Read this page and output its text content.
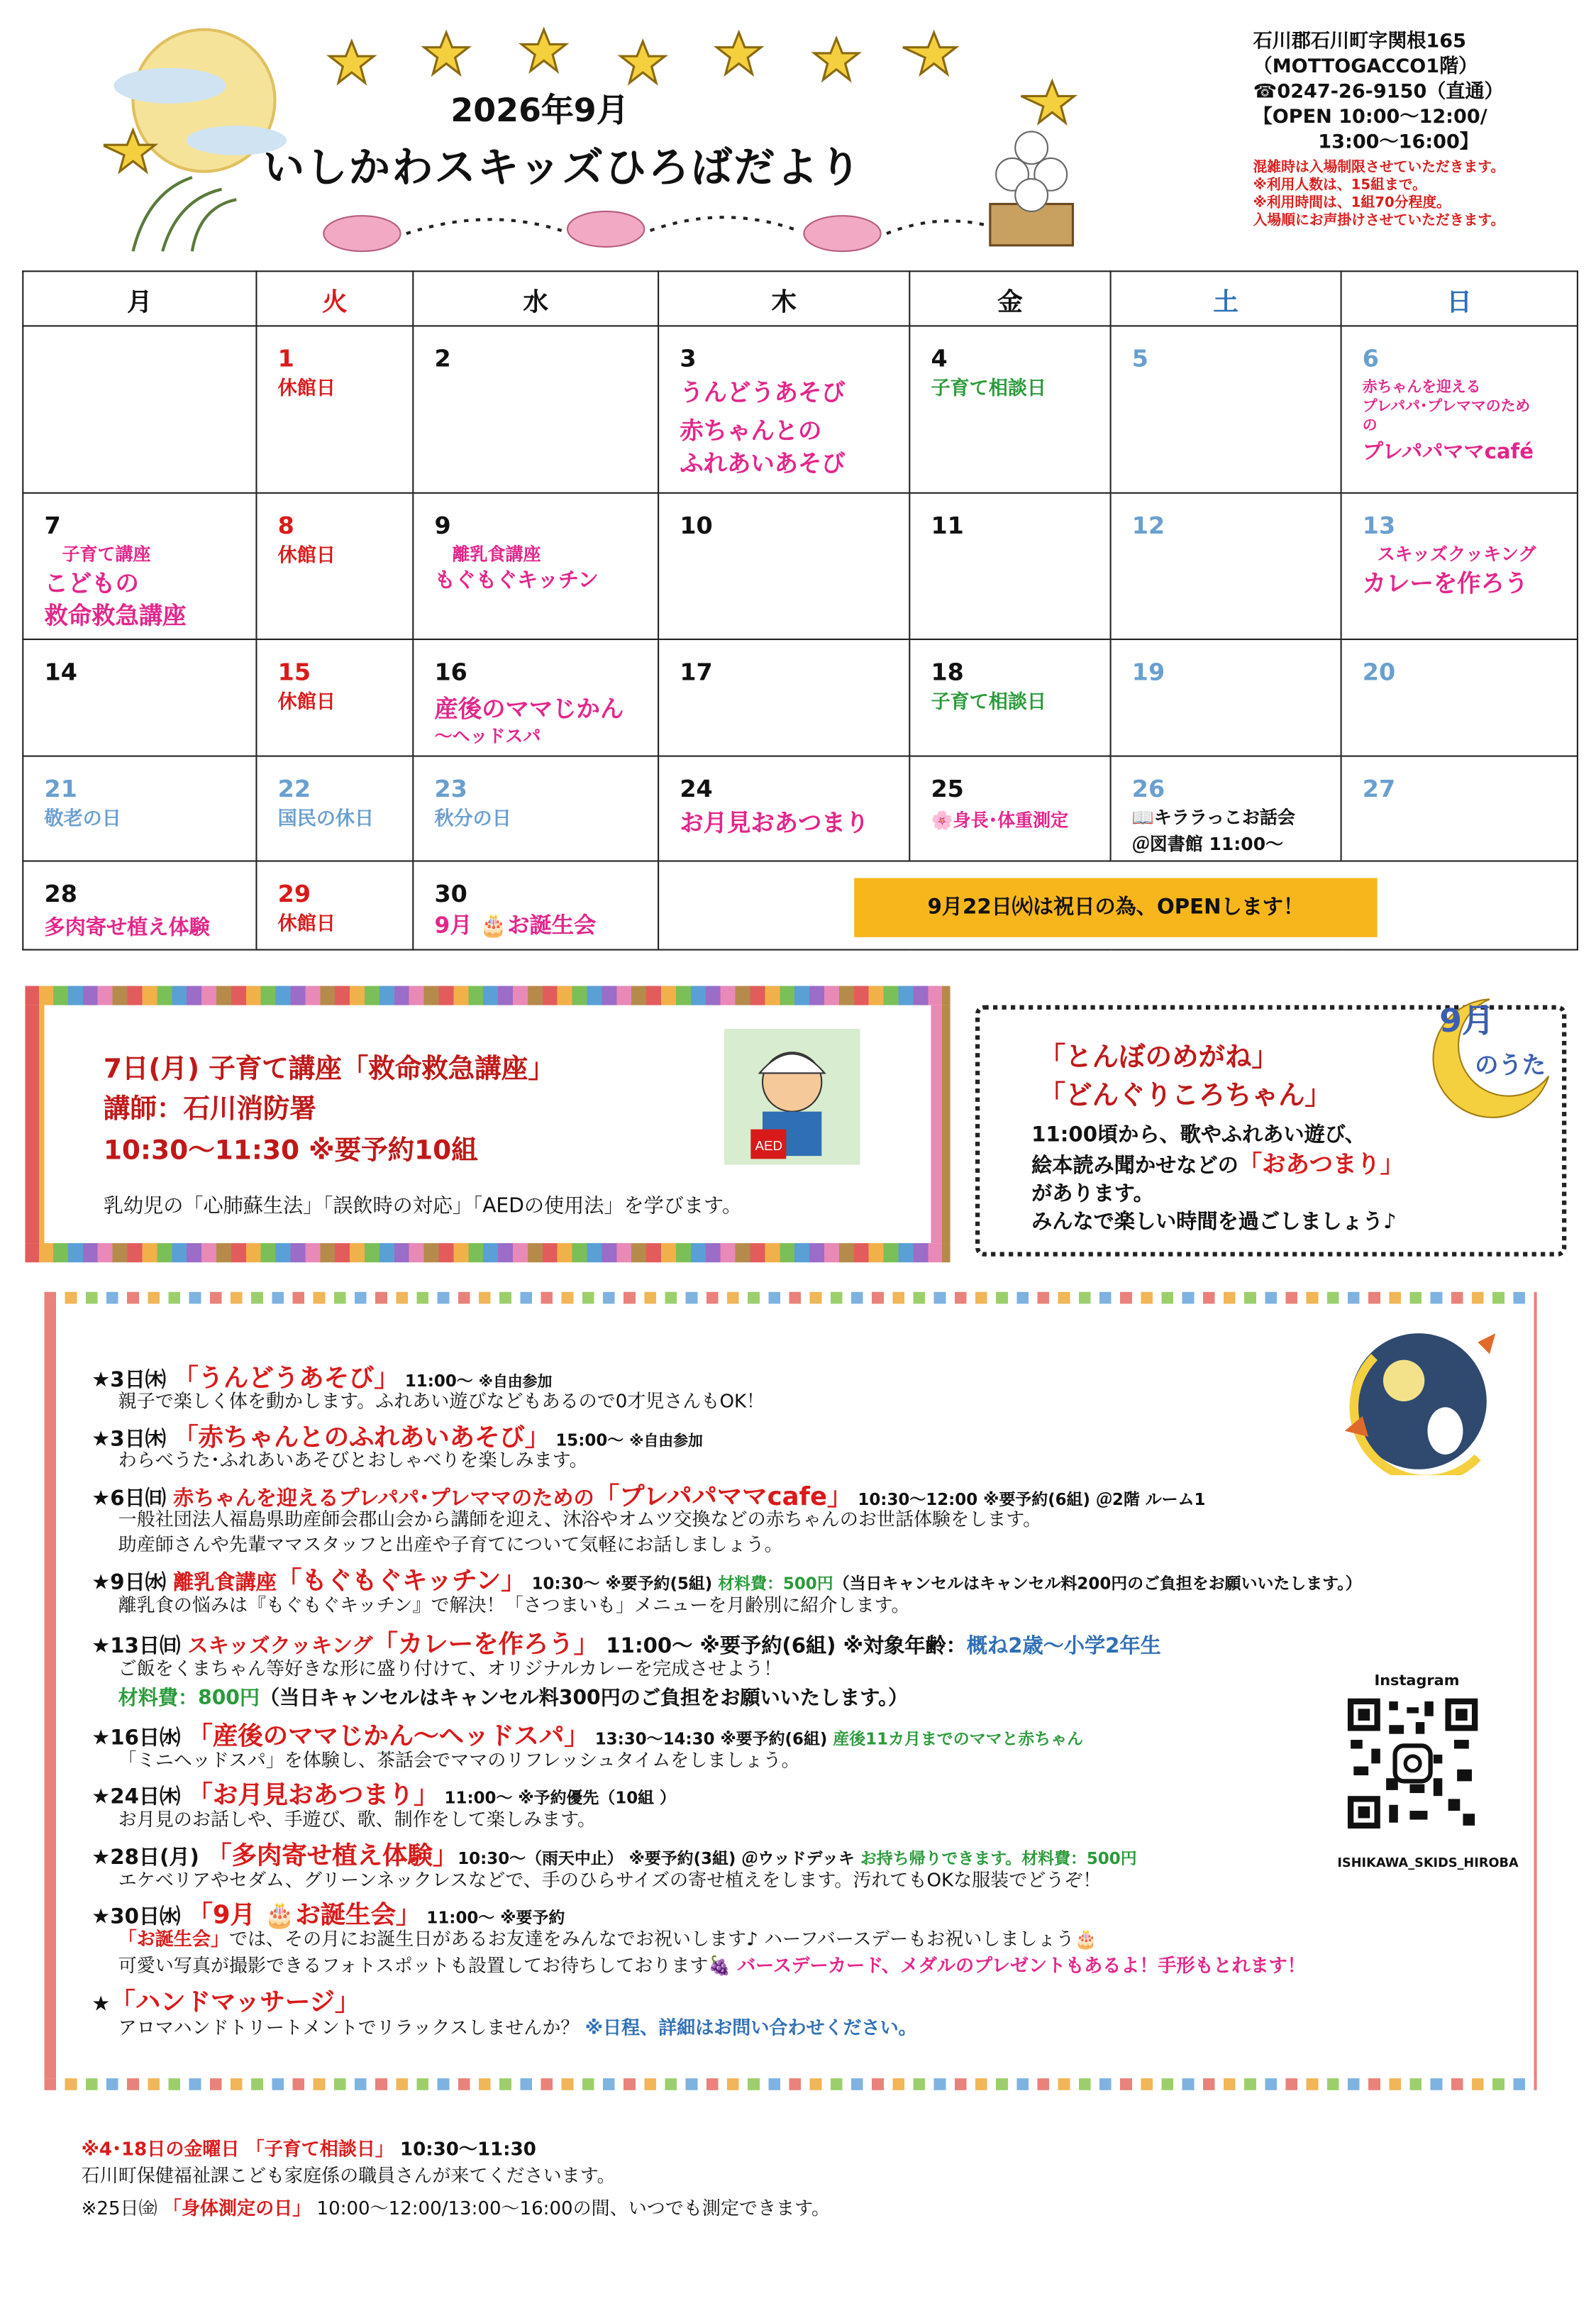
2026年9月
いしかわスキッズひろばだより
石川郡石川町字関根165
（MOTTOGACCO1階）
☎0247-26-9150（直通）
【OPEN 10:00～12:00/
13:00～16:00】
混雑時は入場制限させていただきます。
※利用人数は、15組まで。
※利用時間は、1組70分程度。
入場順にお声掛けさせていただきます。
月	火	水	木	金	土	日

	1
休館日	2	3
うんどうあそび
赤ちゃんとの
ふれあいあそび	4
子育て相談日	5	6
赤ちゃんを迎える
プレパパ･プレママのため
の
プレパパママcafé

7
子育て講座
こどもの
救命救急講座	8
休館日	9
離乳食講座
もぐもぐキッチン	10	11	12	13
スキッズクッキング
カレーを作ろう

14	15
休館日	16
産後のママじかん
～ヘッドスパ	17	18
子育て相談日	19	20

21
敬老の日	22
国民の休日	23
秋分の日	24
お月見おあつまり	25
🌸身長･体重測定	26
📖キララっこお話会
＠図書館 11:00～	27

28
多肉寄せ植え体験	29
休館日	30
9月 🎂お誕生会				

9月22日㈫は祝日の為、OPENします！
7日(月) 子育て講座「救命救急講座」
講師：石川消防署
10:30～11:30 ※要予約10組
乳幼児の「心肺蘇生法」「誤飲時の対応」「AEDの使用法」を学びます。
AED
「とんぼのめがね」
「どんぐりころちゃん」
11:00頃から、歌やふれあい遊び、
絵本読み聞かせなどの「おあつまり」
があります。
みんなで楽しい時間を過ごしましょう♪
9月
のうた
★3日㈭ 「うんどうあそび」 11:00～ ※自由参加
親子で楽しく体を動かします。ふれあい遊びなどもあるので0才児さんもOK！
★3日㈭ 「赤ちゃんとのふれあいあそび」 15:00～ ※自由参加
わらべうた･ふれあいあそびとおしゃべりを楽しみます。
★6日㈰ 赤ちゃんを迎えるプレパパ･プレママのための「プレパパママcafe」 10:30～12:00 ※要予約(6組) ＠2階 ルーム1
一般社団法人福島県助産師会郡山会から講師を迎え、沐浴やオムツ交換などの赤ちゃんのお世話体験をします。
助産師さんや先輩ママスタッフと出産や子育てについて気軽にお話しましょう。
★9日㈬ 離乳食講座「もぐもぐキッチン」 10:30～ ※要予約(5組) 材料費：500円（当日キャンセルはキャンセル料200円のご負担をお願いいたします。）
離乳食の悩みは『もぐもぐキッチン』で解決！「さつまいも」メニューを月齢別に紹介します。
★13日㈰ スキッズクッキング「カレーを作ろう」 11:00～ ※要予約(6組) ※対象年齢：概ね2歳～小学2年生
ご飯をくまちゃん等好きな形に盛り付けて、オリジナルカレーを完成させよう！
材料費：800円（当日キャンセルはキャンセル料300円のご負担をお願いいたします。）
★16日㈬ 「産後のママじかん～ヘッドスパ」 13:30～14:30 ※要予約(6組) 産後11カ月までのママと赤ちゃん
「ミニヘッドスパ」を体験し、茶話会でママのリフレッシュタイムをしましょう。
★24日㈭ 「お月見おあつまり」 11:00～ ※予約優先（10組 ）
お月見のお話しや、手遊び、歌、制作をして楽しみます。
★28日(月) 「多肉寄せ植え体験」10:30～（雨天中止） ※要予約(3組) ＠ウッドデッキ お持ち帰りできます。材料費：500円
エケベリアやセダム、グリーンネックレスなどで、手のひらサイズの寄せ植えをします。汚れてもOKな服装でどうぞ！
★30日㈬ 「9月 🎂お誕生会」 11:00～ ※要予約
「お誕生会」では、その月にお誕生日があるお友達をみんなでお祝いします♪ ハーフバースデーもお祝いしましょう🎂
可愛い写真が撮影できるフォトスポットも設置してお待ちしております🍇 バースデーカード、メダルのプレゼントもあるよ！手形もとれます！
★「ハンドマッサージ」
アロマハンドトリートメントでリラックスしませんか？ ※日程、詳細はお問い合わせください。
Instagram
ISHIKAWA_SKIDS_HIROBA
※4･18日の金曜日 「子育て相談日」 10:30～11:30
石川町保健福祉課こども家庭係の職員さんが来てくださいます。
※25日㈮ 「身体測定の日」 10:00～12:00/13:00～16:00の間、いつでも測定できます。
